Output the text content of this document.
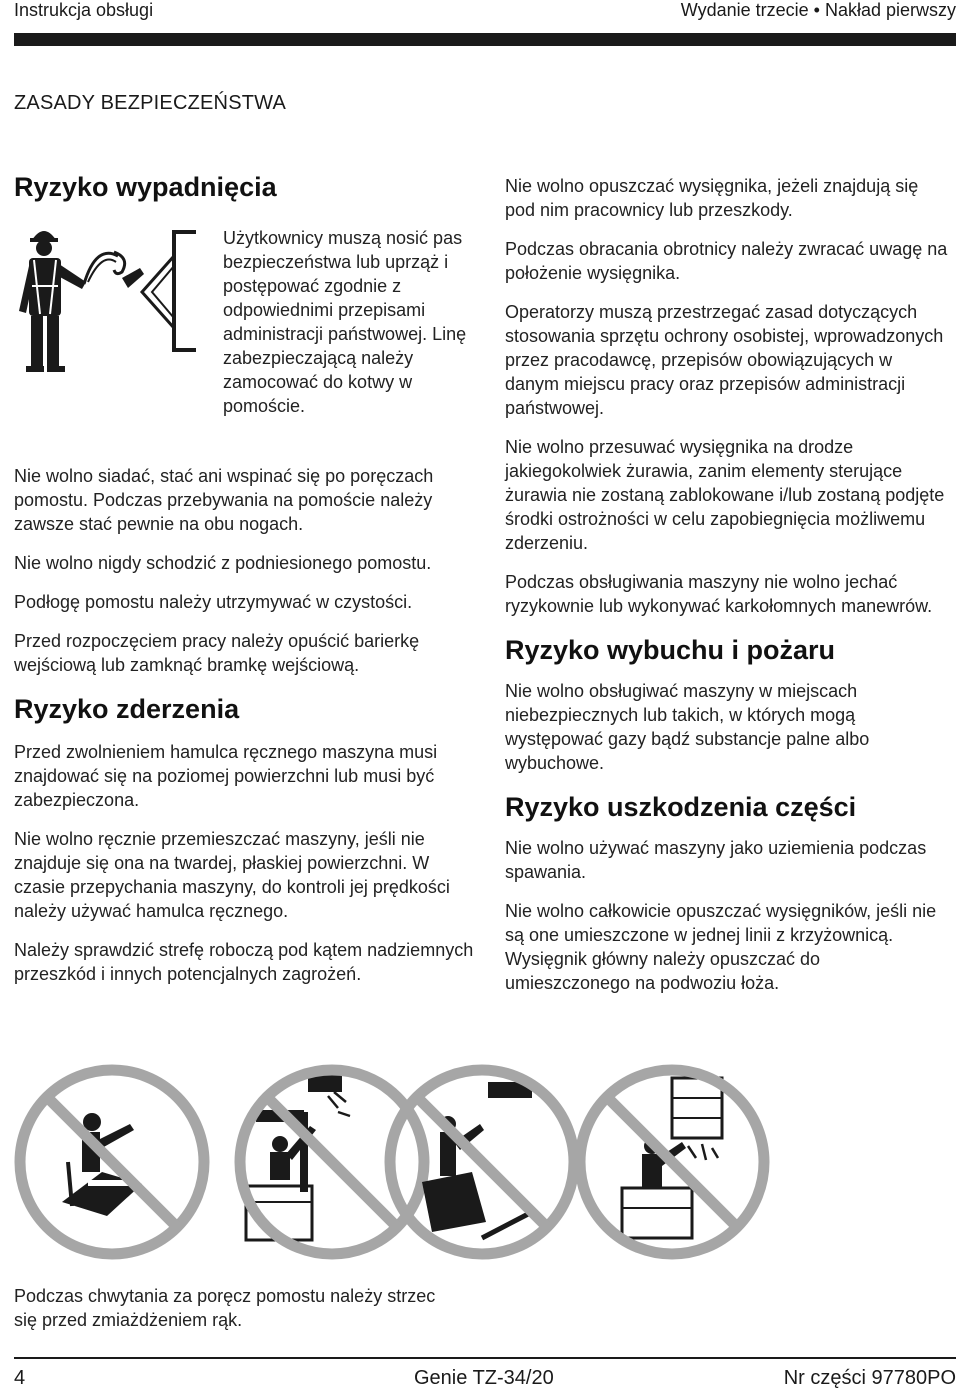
Instrukcja obsługi	Wydanie trzecie • Nakład pierwszy
ZASADY BEZPIECZEŃSTWA
Ryzyko wypadnięcia

Użytkownicy muszą nosić pas bezpieczeństwa lub uprząż i postępować zgodnie z odpowiednimi przepisami administracji państwowej. Linę zabezpieczającą należy zamocować do kotwy w pomoście.

Nie wolno siadać, stać ani wspinać się po poręczach pomostu. Podczas przebywania na pomoście należy zawsze stać pewnie na obu nogach.

Nie wolno nigdy schodzić z podniesionego pomostu.

Podłogę pomostu należy utrzymywać w czystości.

Przed rozpoczęciem pracy należy opuścić barierkę wejściową lub zamknąć bramkę wejściową.

Ryzyko zderzenia

Przed zwolnieniem hamulca ręcznego maszyna musi znajdować się na poziomej powierzchni lub musi być zabezpieczona.

Nie wolno ręcznie przemieszczać maszyny, jeśli nie znajduje się ona na twardej, płaskiej powierzchni. W czasie przepychania maszyny, do kontroli jej prędkości należy używać hamulca ręcznego.

Należy sprawdzić strefę roboczą pod kątem nadziemnych przeszkód i innych potencjalnych zagrożeń.

Nie wolno opuszczać wysięgnika, jeżeli znajdują się pod nim pracownicy lub przeszkody.

Podczas obracania obrotnicy należy zwracać uwagę na położenie wysięgnika.

Operatorzy muszą przestrzegać zasad dotyczących stosowania sprzętu ochrony osobistej, wprowadzonych przez pracodawcę, przepisów obowiązujących w danym miejscu pracy oraz przepisów administracji państwowej.

Nie wolno przesuwać wysięgnika na drodze jakiegokolwiek żurawia, zanim elementy sterujące żurawia nie zostaną zablokowane i/lub zostaną podjęte środki ostrożności w celu zapobiegnięcia możliwemu zderzeniu.

Podczas obsługiwania maszyny nie wolno jechać ryzykownie lub wykonywać karkołomnych manewrów.

Ryzyko wybuchu i pożaru

Nie wolno obsługiwać maszyny w miejscach niebezpiecznych lub takich, w których mogą występować gazy bądź substancje palne albo wybuchowe.

Ryzyko uszkodzenia części

Nie wolno używać maszyny jako uziemienia podczas spawania.

Nie wolno całkowicie opuszczać wysięgników, jeśli nie są one umieszczone w jednej linii z krzyżownicą. Wysięgnik główny należy opuszczać do umieszczonego na podwoziu łoża.

Podczas chwytania za poręcz pomostu należy strzec się przed zmiażdżeniem rąk.
4	Genie TZ-34/20	Nr części 97780PO
